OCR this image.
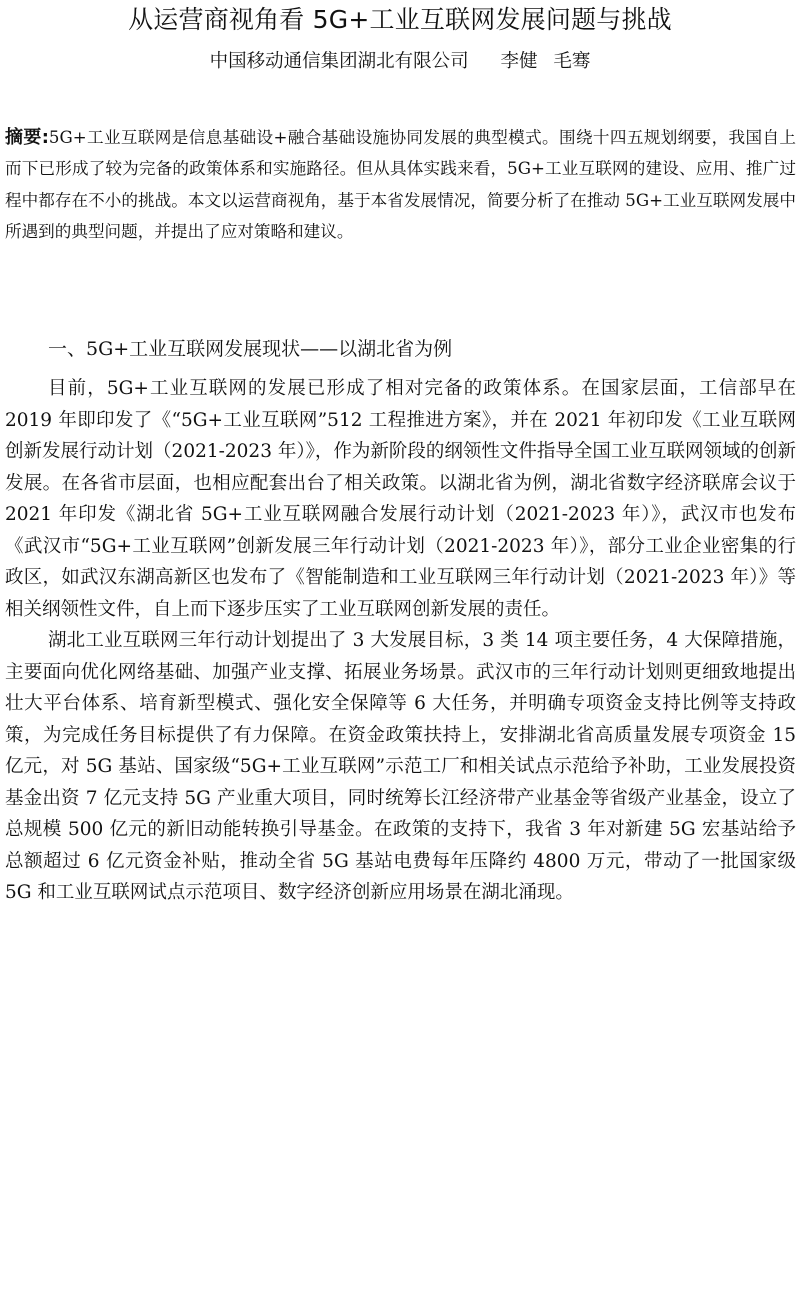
从运营商视角看 5G+工业互联网发展问题与挑战
中国移动通信集团湖北有限公司 李健 毛骞
摘要:5G+工业互联网是信息基础设+融合基础设施协同发展的典型模式。围绕十四五规划纲要，我国自上而下已形成了较为完备的政策体系和实施路径。但从具体实践来看，5G+工业互联网的建设、应用、推广过程中都存在不小的挑战。本文以运营商视角，基于本省发展情况，简要分析了在推动 5G+工业互联网发展中所遇到的典型问题，并提出了应对策略和建议。
一、5G+工业互联网发展现状——以湖北省为例

目前，5G+工业互联网的发展已形成了相对完备的政策体系。在国家层面，工信部早在 2019 年即印发了《“5G+工业互联网”512 工程推进方案》，并在 2021 年初印发《工业互联网创新发展行动计划（2021-2023 年）》，作为新阶段的纲领性文件指导全国工业互联网领域的创新发展。在各省市层面，也相应配套出台了相关政策。以湖北省为例，湖北省数字经济联席会议于 2021 年印发《湖北省 5G+工业互联网融合发展行动计划（2021-2023 年）》，武汉市也发布《武汉市“5G+工业互联网”创新发展三年行动计划（2021-2023 年）》，部分工业企业密集的行政区，如武汉东湖高新区也发布了《智能制造和工业互联网三年行动计划（2021-2023 年）》等相关纲领性文件，自上而下逐步压实了工业互联网创新发展的责任。

湖北工业互联网三年行动计划提出了 3 大发展目标，3 类 14 项主要任务，4 大保障措施，主要面向优化网络基础、加强产业支撑、拓展业务场景。武汉市的三年行动计划则更细致地提出壮大平台体系、培育新型模式、强化安全保障等 6 大任务，并明确专项资金支持比例等支持政策，为完成任务目标提供了有力保障。在资金政策扶持上，安排湖北省高质量发展专项资金 15 亿元，对 5G 基站、国家级“5G+工业互联网”示范工厂和相关试点示范给予补助，工业发展投资基金出资 7 亿元支持 5G 产业重大项目，同时统筹长江经济带产业基金等省级产业基金，设立了总规模 500 亿元的新旧动能转换引导基金。在政策的支持下，我省 3 年对新建 5G 宏基站给予总额超过 6 亿元资金补贴，推动全省 5G 基站电费每年压降约 4800 万元，带动了一批国家级 5G 和工业互联网试点示范项目、数字经济创新应用场景在湖北涌现。
